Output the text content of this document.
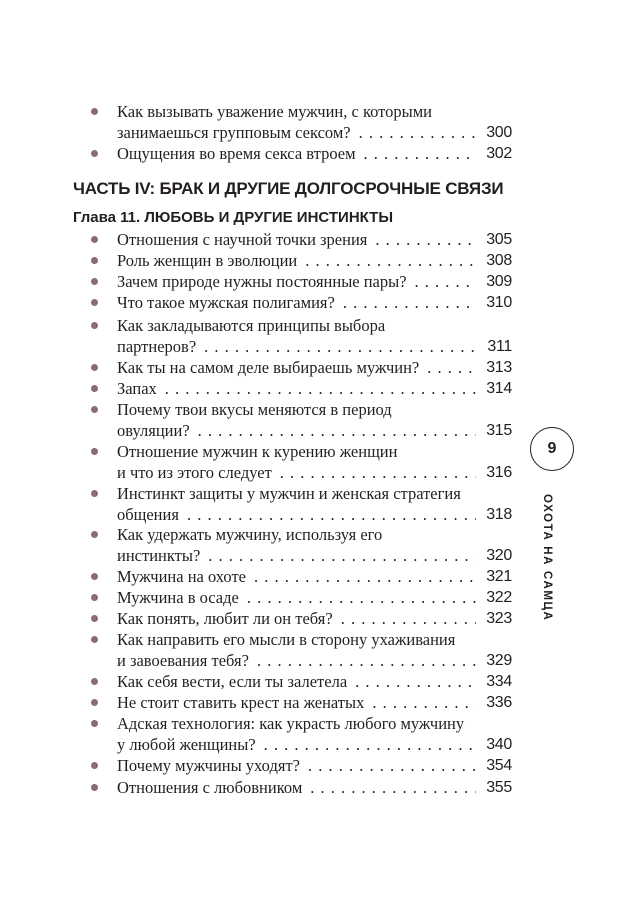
Как вызывать уважение мужчин, с которыми
занимаешься групповым сексом? . . .	300
Ощущения во время секса втроем . . .	302
ЧАСТЬ IV: БРАК И ДРУГИЕ ДОЛГОСРОЧНЫЕ СВЯЗИ
Глава 11. ЛЮБОВЬ И ДРУГИЕ ИНСТИНКТЫ
Отношения с научной точки зрения . . .	305
Роль женщин в эволюции . . .	308
Зачем природе нужны постоянные пары? . . .	309
Что такое мужская полигамия? . . .	310
Как закладываются принципы выбора
партнеров? . . .	311
Как ты на самом деле выбираешь мужчин? . . .	313
Запах . . .	314
Почему твои вкусы меняются в период
овуляции? . . .	315
Отношение мужчин к курению женщин
и что из этого следует . . .	316
Инстинкт защиты у мужчин и женская стратегия
общения . . .	318
Как удержать мужчину, используя его
инстинкты? . . .	320
Мужчина на охоте . . .	321
Мужчина в осаде . . .	322
Как понять, любит ли он тебя? . . .	323
Как направить его мысли в сторону ухаживания
и завоевания тебя? . . .	329
Как себя вести, если ты залетела . . .	334
Не стоит ставить крест на женатых . . .	336
Адская технология: как украсть любого мужчину
у любой женщины? . . .	340
Почему мужчины уходят? . . .	354
Отношения с любовником . . .	355
9
ОХОТА НА САМЦА
